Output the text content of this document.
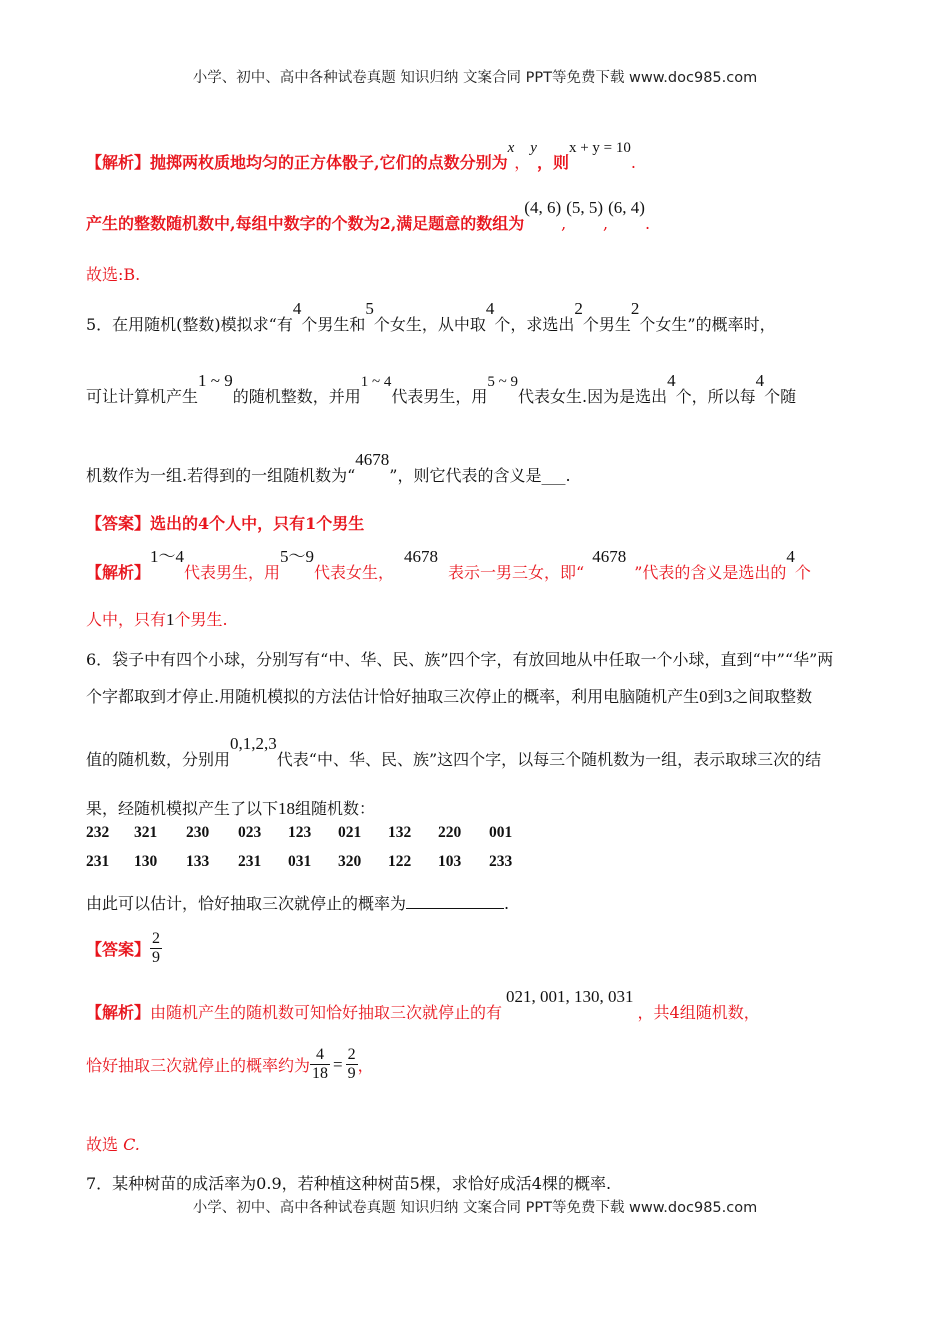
小学、初中、高中各种试卷真题 知识归纳 文案合同 PPT等免费下载 www.doc985.com
【解析】抛掷两枚质地均匀的正方体骰子,它们的点数分别为x，y，则x + y = 10.
产生的整数随机数中,每组中数字的个数为2,满足题意的数组为(4, 6),(5, 5),(6, 4).
故选:B.
5．在用随机(整数)模拟求“有4个男生和5个女生，从中取4个，求选出2个男生2个女生”的概率时，
可让计算机产生1 ~ 9的随机整数，并用1 ~ 4代表男生，用5 ~ 9代表女生.因为是选出4个，所以每4个随
机数作为一组.若得到的一组随机数为“4678”，则它代表的含义是___.
【答案】选出的4个人中，只有1个男生
【解析】1～4代表男生，用5～9代表女生，4678表示一男三女，即“4678”代表的含义是选出的4个
人中，只有1个男生.
6．袋子中有四个小球，分别写有“中、华、民、族”四个字，有放回地从中任取一个小球，直到“中”“华”两
个字都取到才停止.用随机模拟的方法估计恰好抽取三次停止的概率，利用电脑随机产生0到3之间取整数
值的随机数，分别用0,1,2,3代表“中、华、民、族”这四个字，以每三个随机数为一组，表示取球三次的结
果，经随机模拟产生了以下18组随机数：
232 321 230 023 123 021 132 220 001
231 130 133 231 031 320 122 103 233
由此可以估计，恰好抽取三次就停止的概率为	.
【答案】 $\frac{2}{9}$
【解析】由随机产生的随机数可知恰好抽取三次就停止的有021, 001, 130, 031，共4组随机数，
恰好抽取三次就停止的概率约为 $\frac{4}{18} = \frac{2}{9}$ ，
故选 C.
7．某种树苗的成活率为0.9，若种植这种树苗5棵，求恰好成活4棵的概率.
小学、初中、高中各种试卷真题 知识归纳 文案合同 PPT等免费下载 www.doc985.com
